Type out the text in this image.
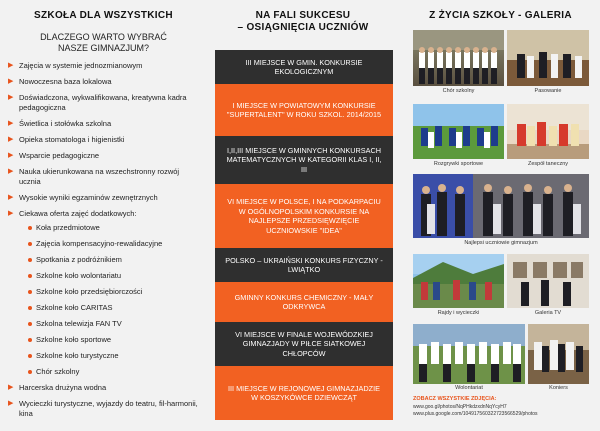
SZKOŁA DLA WSZYSTKICH
DLACZEGO WARTO WYBRAĆ
NASZE GIMNAZJUM?
▶ Zajęcia w systemie jednozmianowym
▶ Nowoczesna baza lokalowa
▶ Doświadczona, wykwalifikowana, kreatywna kadra pedagogiczna
▶ Świetlica i stołówka szkolna
▶ Opieka stomatologa i higienistki
▶ Wsparcie pedagogiczne
▶ Nauka ukierunkowana na wszechstronny rozwój ucznia
▶ Wysokie wyniki egzaminów zewnętrznych
▶ Ciekawa oferta zajęć dodatkowych:
Koła przedmiotowe
Zajęcia kompensacyjno-rewalidacyjne
Spotkania z podróżnikiem
Szkolne koło wolontariatu
Szkolne koło przedsiębiorczości
Szkolne koło CARITAS
Szkolna telewizja FAN TV
Szkolne koło sportowe
Szkolne koło turystyczne
Chór szkolny
▶ Harcerska drużyna wodna
▶ Wycieczki turystyczne, wyjazdy do teatru, fil-harmonii, kina
NA FALI SUKCESU
– OSIĄGNIĘCIA UCZNIÓW
III MIEJSCE W GMIN. KONKURSIE EKOLOGICZNYM
I MIEJSCE W POWIATOWYM KONKURSIE "SUPERTALENT" W ROKU SZKOL. 2014/2015
I,II,III MIEJSCE W GMINNYCH KONKURSACH MATEMATYCZNYCH W KATEGORII KLAS I, II, III
VI MIEJSCE W POLSCE, I NA PODKARPACIU W OGÓLNOPOLSKIM KONKURSIE NA NAJLEPSZE PRZEDSIĘWZIĘCIE UCZNIOWSKIE "IDEA"
POLSKO – UKRAIŃSKI KONKURS FIZYCZNY - LWIĄTKO
GMINNY KONKURS CHEMICZNY - MAŁY ODKRYWCA
VI MIEJSCE W FINALE WOJEWÓDZKIEJ GIMNAZJADY W PIŁCE SIATKOWEJ CHŁOPCÓW
III MIEJSCE W REJONOWEJ GIMNAZJADZIE W KOSZYKÓWCE DZIEWCZĄT
Z ŻYCIA SZKOŁY - GALERIA
Chór szkolny	Pasowanie
Rozgrywki sportowe	Zespół taneczny
Najlepsi uczniowie gimnazjum
Rajdy i wycieczki	Galeria TV
Wolontariat	Koniers
ZOBACZ WSZYSTKIE ZDJĘCIA:
www.goo.gl/photos/NqPHkdzxdnNqYcyH7
www.plus.google.com/104917560322723566529/photos
